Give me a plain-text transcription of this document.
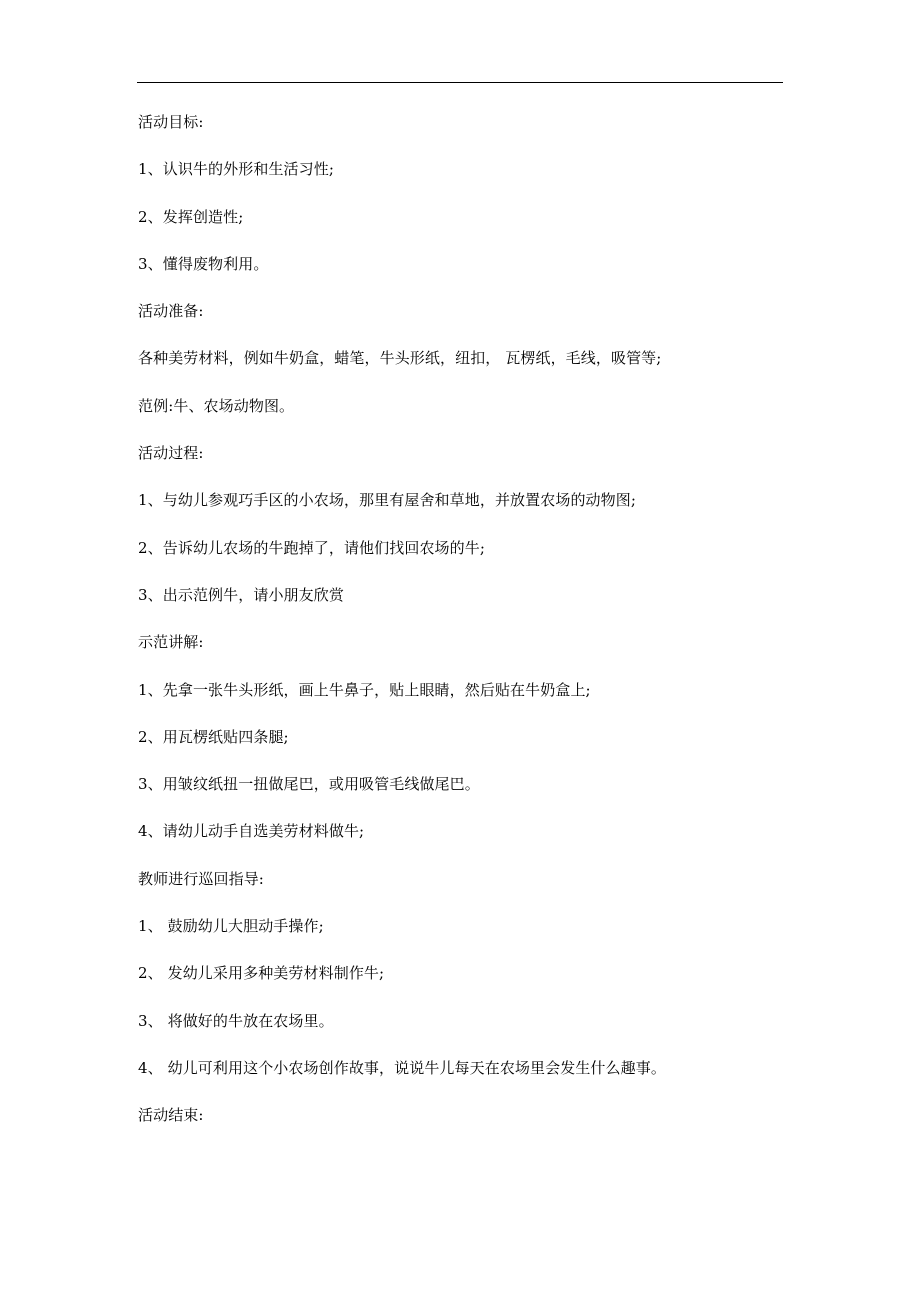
活动目标:
1、认识牛的外形和生活习性;
2、发挥创造性;
3、懂得废物利用。
活动准备:
各种美劳材料，例如牛奶盒，蜡笔，牛头形纸，纽扣， 瓦楞纸，毛线，吸管等;
范例:牛、农场动物图。
活动过程:
1、与幼儿参观巧手区的小农场，那里有屋舍和草地，并放置农场的动物图;
2、告诉幼儿农场的牛跑掉了，请他们找回农场的牛;
3、出示范例牛，请小朋友欣赏
示范讲解:
1、先拿一张牛头形纸，画上牛鼻子，贴上眼睛，然后贴在牛奶盒上;
2、用瓦楞纸贴四条腿;
3、用皱纹纸扭一扭做尾巴，或用吸管毛线做尾巴。
4、请幼儿动手自选美劳材料做牛;
教师进行巡回指导:
1、 鼓励幼儿大胆动手操作;
2、 发幼儿采用多种美劳材料制作牛;
3、 将做好的牛放在农场里。
4、 幼儿可利用这个小农场创作故事，说说牛儿每天在农场里会发生什么趣事。
活动结束:
